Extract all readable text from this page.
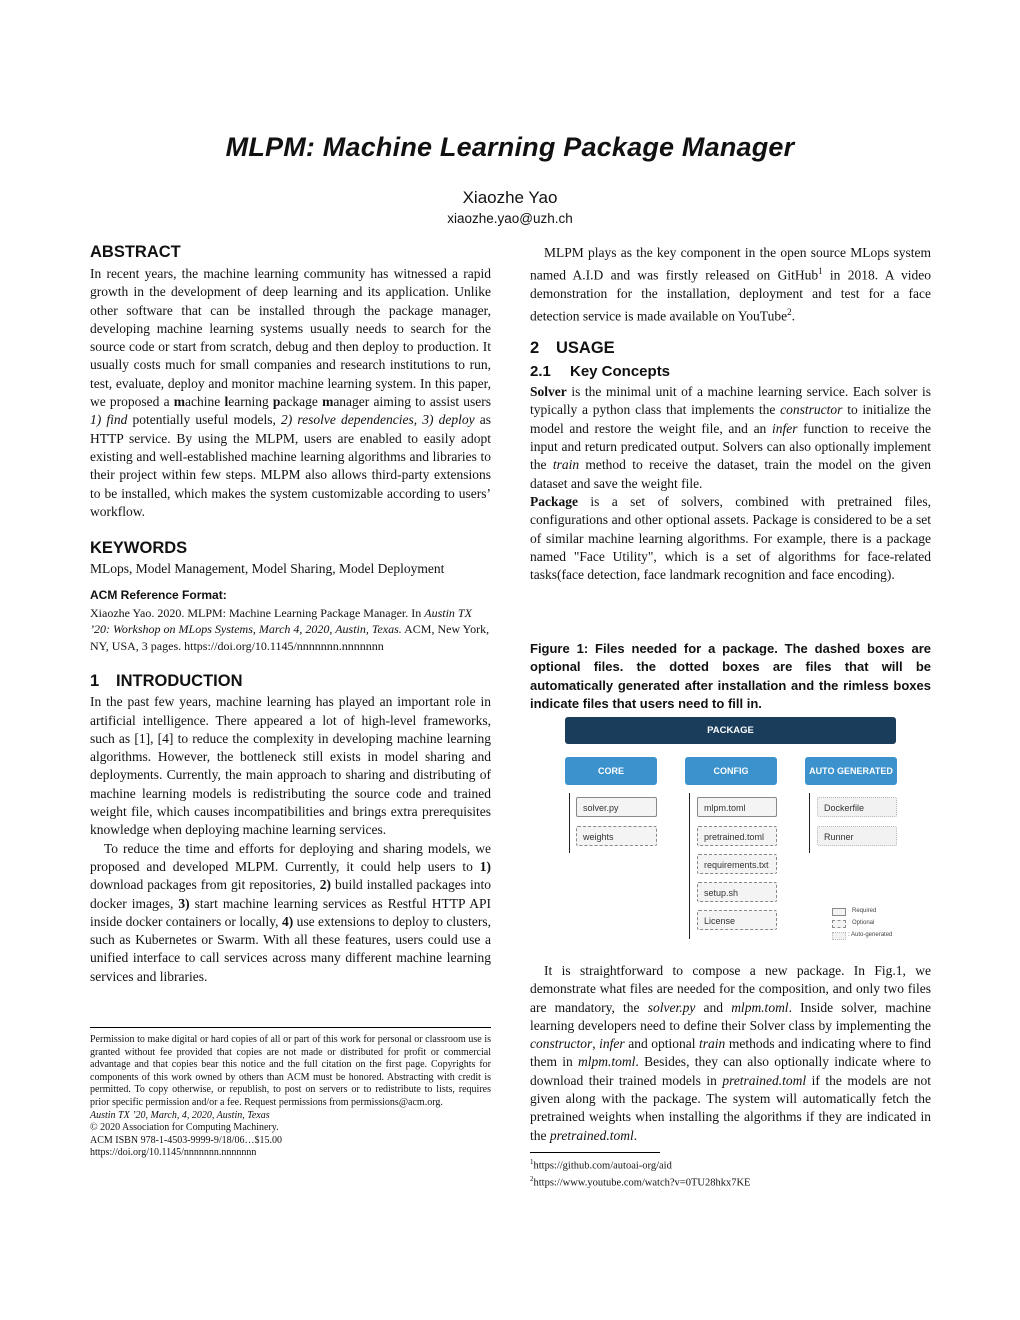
MLPM: Machine Learning Package Manager
Xiaozhe Yao
xiaozhe.yao@uzh.ch
ABSTRACT

In recent years, the machine learning community has witnessed a rapid growth in the development of deep learning and its application. Unlike other software that can be installed through the package manager, developing machine learning systems usually needs to search for the source code or start from scratch, debug and then deploy to production. It usually costs much for small companies and research institutions to run, test, evaluate, deploy and monitor machine learning system. In this paper, we proposed a machine learning package manager aiming to assist users 1) find potentially useful models, 2) resolve dependencies, 3) deploy as HTTP service. By using the MLPM, users are enabled to easily adopt existing and well-established machine learning algorithms and libraries to their project within few steps. MLPM also allows third-party extensions to be installed, which makes the system customizable according to users’ workflow.

KEYWORDS

MLops, Model Management, Model Sharing, Model Deployment

ACM Reference Format:

Xiaozhe Yao. 2020. MLPM: Machine Learning Package Manager. In Austin TX ’20: Workshop on MLops Systems, March 4, 2020, Austin, Texas. ACM, New York, NY, USA, 3 pages. https://doi.org/10.1145/nnnnnnn.nnnnnnn

1 INTRODUCTION

In the past few years, machine learning has played an important role in artificial intelligence. There appeared a lot of high-level frameworks, such as [1], [4] to reduce the complexity in developing machine learning algorithms. However, the bottleneck still exists in model sharing and deployments. Currently, the main approach to sharing and distributing of machine learning models is redistributing the source code and trained weight file, which causes incompatibilities and brings extra prerequisites knowledge when deploying machine learning services.

To reduce the time and efforts for deploying and sharing models, we proposed and developed MLPM. Currently, it could help users to 1) download packages from git repositories, 2) build installed packages into docker images, 3) start machine learning services as Restful HTTP API inside docker containers or locally, 4) use extensions to deploy to clusters, such as Kubernetes or Swarm. With all these features, users could use a unified interface to call services across many different machine learning services and libraries.

Permission to make digital or hard copies of all or part of this work for personal or classroom use is granted without fee provided that copies are not made or distributed for profit or commercial advantage and that copies bear this notice and the full citation on the first page. Copyrights for components of this work owned by others than ACM must be honored. Abstracting with credit is permitted. To copy otherwise, or republish, to post on servers or to redistribute to lists, requires prior specific permission and/or a fee. Request permissions from permissions@acm.org.

Austin TX ’20, March, 4, 2020, Austin, Texas

© 2020 Association for Computing Machinery.

ACM ISBN 978-1-4503-9999-9/18/06…$15.00

https://doi.org/10.1145/nnnnnnn.nnnnnnn

MLPM plays as the key component in the open source MLops system named A.I.D and was firstly released on GitHub$^1$ in 2018. A video demonstration for the installation, deployment and test for a face detection service is made available on YouTube$^2$.

2 USAGE
2.1 Key Concepts

Solver is the minimal unit of a machine learning service. Each solver is typically a python class that implements the constructor to initialize the model and restore the weight file, and an infer function to receive the input and return predicated output. Solvers can also optionally implement the train method to receive the dataset, train the model on the given dataset and save the weight file.

Package is a set of solvers, combined with pretrained files, configurations and other optional assets. Package is considered to be a set of similar machine learning algorithms. For example, there is a package named "Face Utility", which is a set of algorithms for face-related tasks(face detection, face landmark recognition and face encoding).

Figure 1: Files needed for a package. The dashed boxes are optional files. the dotted boxes are files that will be automatically generated after installation and the rimless boxes indicate files that users need to fill in.
PACKAGE
CORE	CONFIG	AUTO GENERATED
solver.py
weights
mlpm.toml
pretrained.toml
requirements.txt
setup.sh
License
Dockerfile
Runner
Required
Optional
: Auto-generated

It is straightforward to compose a new package. In Fig.1, we demonstrate what files are needed for the composition, and only two files are mandatory, the solver.py and mlpm.toml. Inside solver, machine learning developers need to define their Solver class by implementing the constructor, infer and optional train methods and indicating where to find them in mlpm.toml. Besides, they can also optionally indicate where to download their trained models in pretrained.toml if the models are not given along with the package. The system will automatically fetch the pretrained weights when installing the algorithms if they are indicated in the pretrained.toml.

$^1$https://github.com/autoai-org/aid

$^2$https://www.youtube.com/watch?v=0TU28hkx7KE
